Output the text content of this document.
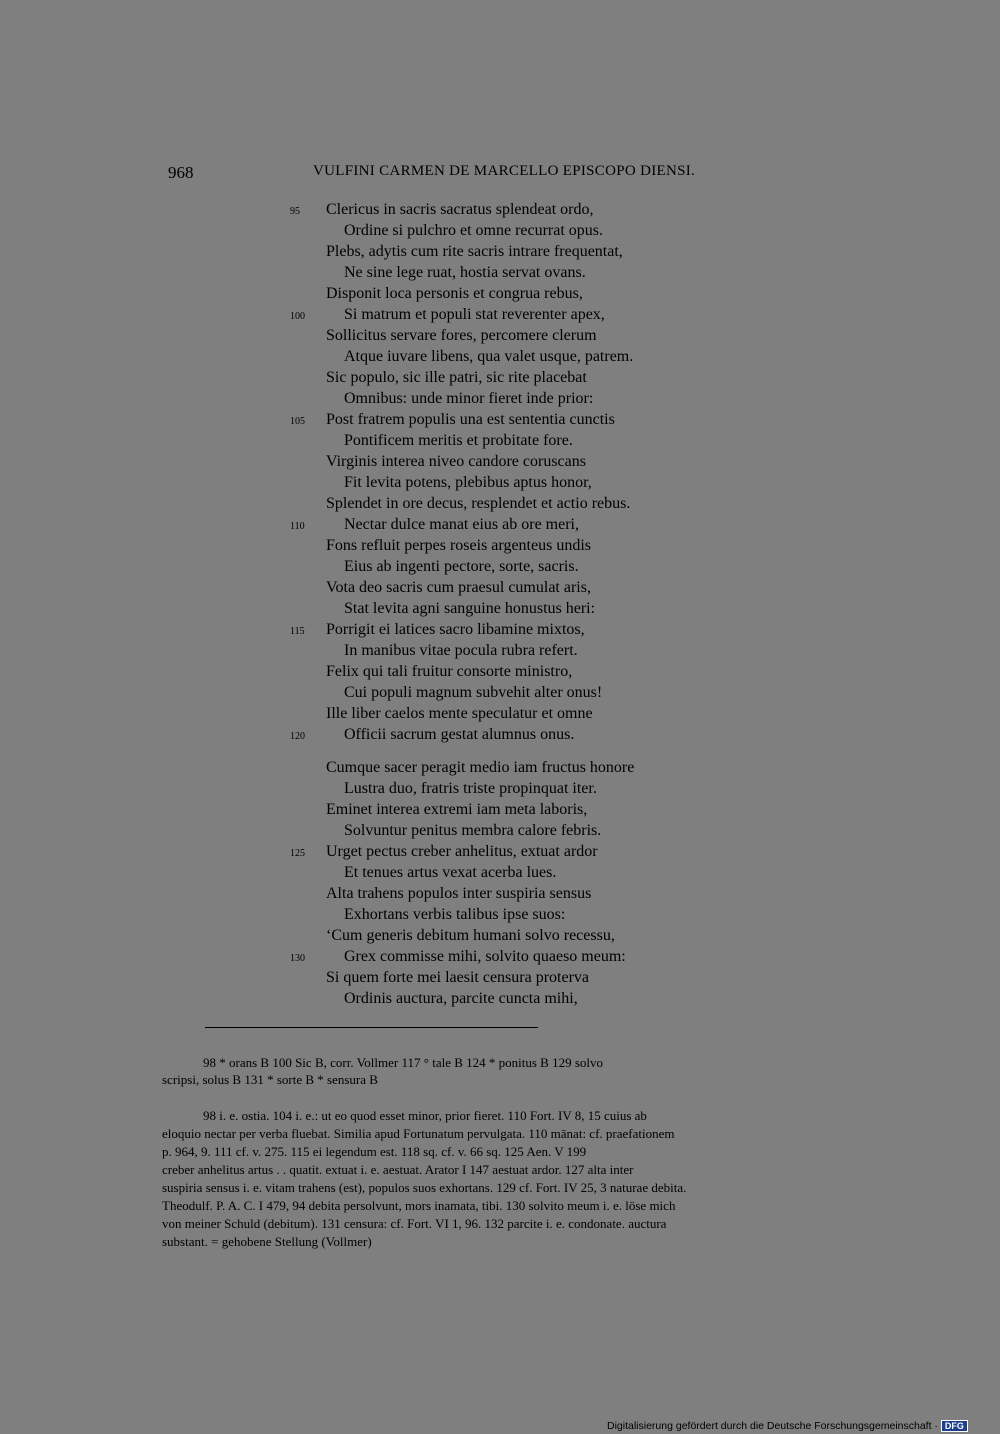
968	VULFINI CARMEN DE MARCELLO EPISCOPO DIENSI.
Clericus in sacris sacratus splendeat ordo,
95
Ordine si pulchro et omne recurrat opus.
Plebs, adytis cum rite sacris intrare frequentat,
Ne sine lege ruat, hostia servat ovans.
Disponit loca personis et congrua rebus,
Si matrum et populi stat reverenter apex,
100
Sollicitus servare fores, percomere clerum
Atque iuvare libens, qua valet usque, patrem.
Sic populo, sic ille patri, sic rite placebat
Omnibus: unde minor fieret inde prior:
Post fratrem populis una est sententia cunctis
105
Pontificem meritis et probitate fore.
Virginis interea niveo candore coruscans
Fit levita potens, plebibus aptus honor,
Splendet in ore decus, resplendet et actio rebus.
Nectar dulce manat eius ab ore meri,
110
Fons refluit perpes roseis argenteus undis
Eius ab ingenti pectore, sorte, sacris.
Vota deo sacris cum praesul cumulat aris,
Stat levita agni sanguine honustus heri:
Porrigit ei latices sacro libamine mixtos,
115
In manibus vitae pocula rubra refert.
Felix qui tali fruitur consorte ministro,
Cui populi magnum subvehit alter onus!
Ille liber caelos mente speculatur et omne
Officii sacrum gestat alumnus onus.
120
Cumque sacer peragit medio iam fructus honore
Lustra duo, fratris triste propinquat iter.
Eminet interea extremi iam meta laboris,
Solvuntur penitus membra calore febris.
Urget pectus creber anhelitus, extuat ardor
125
Et tenues artus vexat acerba lues.
Alta trahens populos inter suspiria sensus
Exhortans verbis talibus ipse suos:
‘Cum generis debitum humani solvo recessu,
Grex commisse mihi, solvito quaeso meum:
130
Si quem forte mei laesit censura proterva
Ordinis auctura, parcite cuncta mihi,
98 * orans B 100 Sic B, corr. Vollmer 117 ° tale B 124 * ponitus B 129 solvo
scripsi, solus B 131 * sorte B * sensura B
98 i. e. ostia. 104 i. e.: ut eo quod esset minor, prior fieret. 110 Fort. IV 8, 15 cuius ab
eloquio nectar per verba fluebat. Similia apud Fortunatum pervulgata. 110 mānat: cf. praefationem
p. 964, 9. 111 cf. v. 275. 115 ei legendum est. 118 sq. cf. v. 66 sq. 125 Aen. V 199
creber anhelitus artus . . quatit. extuat i. e. aestuat. Arator I 147 aestuat ardor. 127 alta inter
suspiria sensus i. e. vitam trahens (est), populos suos exhortans. 129 cf. Fort. IV 25, 3 naturae debita.
Theodulf. P. A. C. I 479, 94 debita persolvunt, mors inamata, tibi. 130 solvito meum i. e. löse mich
von meiner Schuld (debitum). 131 censura: cf. Fort. VI 1, 96. 132 parcite i. e. condonate. auctura
substant. = gehobene Stellung (Vollmer)
Digitalisierung gefördert durch die Deutsche Forschungsgemeinschaft · DFG
